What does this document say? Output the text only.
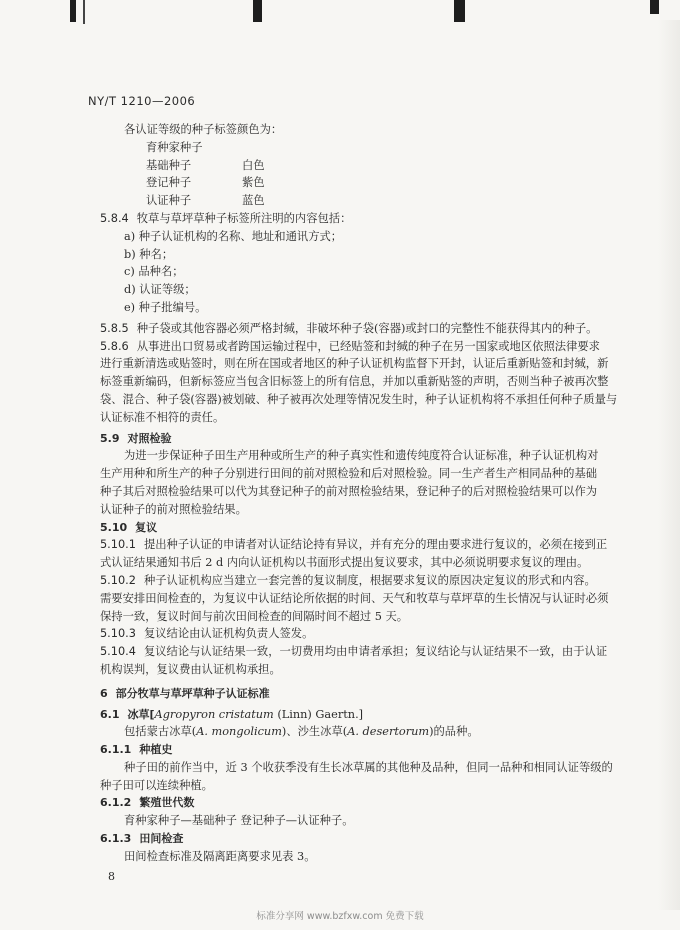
NY/T 1210—2006
各认证等级的种子标签颜色为：
育种家种子
基础种子	白色
登记种子	紫色
认证种子	蓝色
5.8.4 牧草与草坪草种子标签所注明的内容包括：
a) 种子认证机构的名称、地址和通讯方式；
b) 种名；
c) 品种名；
d) 认证等级；
e) 种子批编号。
5.8.5 种子袋或其他容器必须严格封缄，非破坏种子袋(容器)或封口的完整性不能获得其内的种子。
5.8.6 从事进出口贸易或者跨国运输过程中，已经贴签和封缄的种子在另一国家或地区依照法律要求
进行重新清选或贴签时，则在所在国或者地区的种子认证机构监督下开封，认证后重新贴签和封缄，新
标签重新编码，但新标签应当包含旧标签上的所有信息，并加以重新贴签的声明，否则当种子被再次整
袋、混合、种子袋(容器)被划破、种子被再次处理等情况发生时，种子认证机构将不承担任何种子质量与
认证标准不相符的责任。
5.9 对照检验
为进一步保证种子田生产用种或所生产的种子真实性和遗传纯度符合认证标准，种子认证机构对
生产用种和所生产的种子分别进行田间的前对照检验和后对照检验。同一生产者生产相同品种的基础
种子其后对照检验结果可以代为其登记种子的前对照检验结果，登记种子的后对照检验结果可以作为
认证种子的前对照检验结果。
5.10 复议
5.10.1 提出种子认证的申请者对认证结论持有异议，并有充分的理由要求进行复议的，必须在接到正
式认证结果通知书后 2 d 内向认证机构以书面形式提出复议要求，其中必须说明要求复议的理由。
5.10.2 种子认证机构应当建立一套完善的复议制度，根据要求复议的原因决定复议的形式和内容。
需要安排田间检查的，为复议中认证结论所依据的时间、天气和牧草与草坪草的生长情况与认证时必须
保持一致，复议时间与前次田间检查的间隔时间不超过 5 天。
5.10.3 复议结论由认证机构负责人签发。
5.10.4 复议结论与认证结果一致，一切费用均由申请者承担；复议结论与认证结果不一致，由于认证
机构误判，复议费由认证机构承担。
6 部分牧草与草坪草种子认证标准
6.1 冰草[Agropyron cristatum (Linn) Gaertn.]
包括蒙古冰草(A. mongolicum)、沙生冰草(A. desertorum)的品种。
6.1.1 种植史
种子田的前作当中，近 3 个收获季没有生长冰草属的其他种及品种，但同一品种和相同认证等级的
种子田可以连续种植。
6.1.2 繁殖世代数
育种家种子—基础种子 登记种子—认证种子。
6.1.3 田间检查
田间检查标准及隔离距离要求见表 3。
8
标准分享网 www.bzfxw.com 免费下载
